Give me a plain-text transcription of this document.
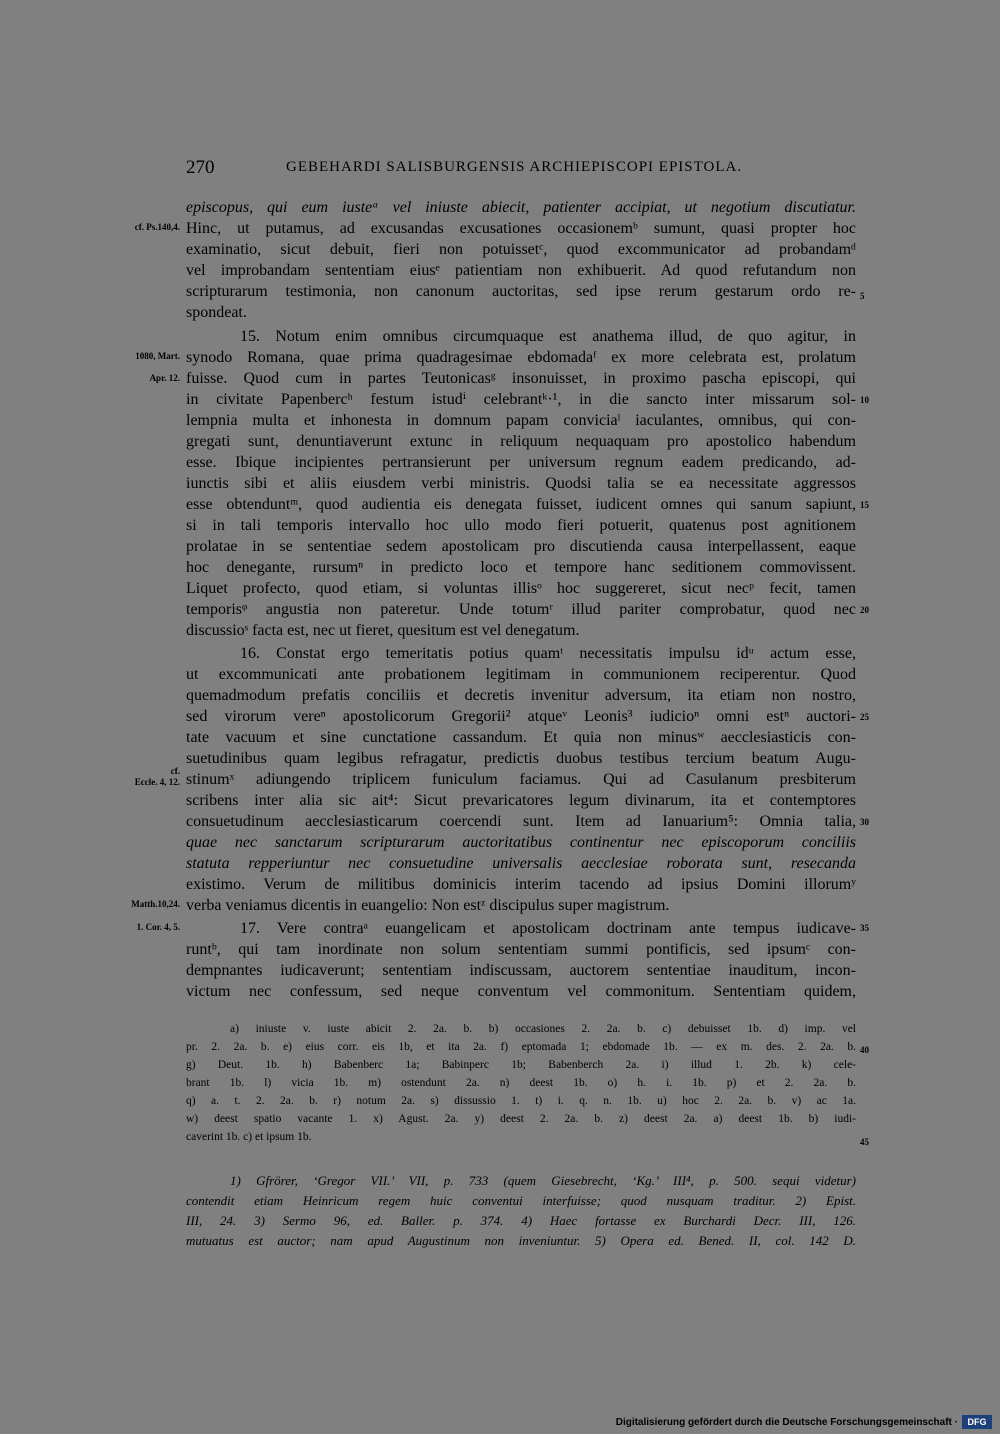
270	GEBEHARDI SALISBURGENSIS ARCHIEPISCOPI EPISTOLA.
episcopus, qui eum iusteᵃ vel iniuste abiecit, patienter accipiat, ut negotium discutiatur.
Hinc, ut putamus, ad excusandas excusationes occasionemᵇ sumunt, quasi propter hoc
examinatio, sicut debuit, fieri non potuissetᶜ, quod excommunicator ad probandamᵈ
vel improbandam sententiam eiusᵉ patientiam non exhibuerit. Ad quod refutandum non
scripturarum testimonia, non canonum auctoritas, sed ipse rerum gestarum ordo re-
spondeat.
15. Notum enim omnibus circumquaque est anathema illud, de quo agitur, in
synodo Romana, quae prima quadragesimae ebdomadaᶠ ex more celebrata est, prolatum
fuisse. Quod cum in partes Teutonicasᵍ insonuisset, in proximo pascha episcopi, qui
in civitate Papenbercʰ festum istudⁱ celebrantᵏ·¹, in die sancto inter missarum sol-
lempnia multa et inhonesta in domnum papam conviciaˡ iaculantes, omnibus, qui con-
gregati sunt, denuntiaverunt extunc in reliquum nequaquam pro apostolico habendum
esse. Ibique incipientes pertransierunt per universum regnum eadem predicando, ad-
iunctis sibi et aliis eiusdem verbi ministris. Quodsi talia se ea necessitate aggressos
esse obtenduntᵐ, quod audientia eis denegata fuisset, iudicent omnes qui sanum sapiunt,
si in tali temporis intervallo hoc ullo modo fieri potuerit, quatenus post agnitionem
prolatae in se sententiae sedem apostolicam pro discutienda causa interpellassent, eaque
hoc denegante, rursumⁿ in predicto loco et tempore hanc seditionem commovissent.
Liquet profecto, quod etiam, si voluntas illisᵒ hoc suggereret, sicut necᵖ fecit, tamen
temporisᵠ angustia non pateretur. Unde totumʳ illud pariter comprobatur, quod nec
discussioˢ facta est, nec ut fieret, quesitum est vel denegatum.
16. Constat ergo temeritatis potius quamᵗ necessitatis impulsu idᵘ actum esse,
ut excommunicati ante probationem legitimam in communionem reciperentur. Quod
quemadmodum prefatis conciliis et decretis invenitur adversum, ita etiam non nostro,
sed virorum vereⁿ apostolicorum Gregorii² atqueᵛ Leonis³ iudicioⁿ omni estⁿ auctori-
tate vacuum et sine cunctatione cassandum. Et quia non minusʷ aecclesiasticis con-
suetudinibus quam legibus refragatur, predictis duobus testibus tercium beatum Augu-
stinumˣ adiungendo triplicem funiculum faciamus. Qui ad Casulanum presbiterum
scribens inter alia sic ait⁴: Sicut prevaricatores legum divinarum, ita et contemptores
consuetudinum aecclesiasticarum coercendi sunt. Item ad Ianuarium⁵: Omnia talia,
quae nec sanctarum scripturarum auctoritatibus continentur nec episcoporum conciliis
statuta repperiuntur nec consuetudine universalis aecclesiae roborata sunt, resecanda
existimo. Verum de militibus dominicis interim tacendo ad ipsius Domini illorumʸ
verba veniamus dicentis in euangelio: Non estᶻ discipulus super magistrum.
17. Vere contraᵃ euangelicam et apostolicam doctrinam ante tempus iudicave-
runtᵇ, qui tam inordinate non solum sententiam summi pontificis, sed ipsumᶜ con-
dempnantes iudicaverunt; sententiam indiscussam, auctorem sententiae inauditum, incon-
victum nec confessum, sed neque conventum vel commonitum. Sententiam quidem,
cf. Ps.140,4.
1080, Mart.
Apr. 12.
cf.
Eccle. 4, 12.
Matth.10,24.
1. Cor. 4, 5.
5
10
15
20
25
30
35
40
45
a) iniuste v. iuste abicit 2. 2a. b. b) occasiones 2. 2a. b. c) debuisset 1b. d) imp. vel
pr. 2. 2a. b. e) eius corr. eis 1b, et ita 2a. f) eptomada 1; ebdomade 1b. — ex m. des. 2. 2a. b.
g) Deut. 1b. h) Babenberc 1a; Babinperc 1b; Babenberch 2a. i) illud 1. 2b. k) cele-
brant 1b. l) vicia 1b. m) ostendunt 2a. n) deest 1b. o) h. i. 1b. p) et 2. 2a. b.
q) a. t. 2. 2a. b. r) notum 2a. s) dissussio 1. t) i. q. n. 1b. u) hoc 2. 2a. b. v) ac 1a.
w) deest spatio vacante 1. x) Agust. 2a. y) deest 2. 2a. b. z) deest 2a. a) deest 1b. b) iudi-
caverint 1b. c) et ipsum 1b.
1) Gfrörer, ‘Gregor VII.’ VII, p. 733 (quem Giesebrecht, ‘Kg.’ III⁴, p. 500. sequi videtur)
contendit etiam Heinricum regem huic conventui interfuisse; quod nusquam traditur. 2) Epist.
III, 24. 3) Sermo 96, ed. Baller. p. 374. 4) Haec fortasse ex Burchardi Decr. III, 126.
mutuatus est auctor; nam apud Augustinum non inveniuntur. 5) Opera ed. Bened. II, col. 142 D.
Digitalisierung gefördert durch die Deutsche Forschungsgemeinschaft ·	DFG
